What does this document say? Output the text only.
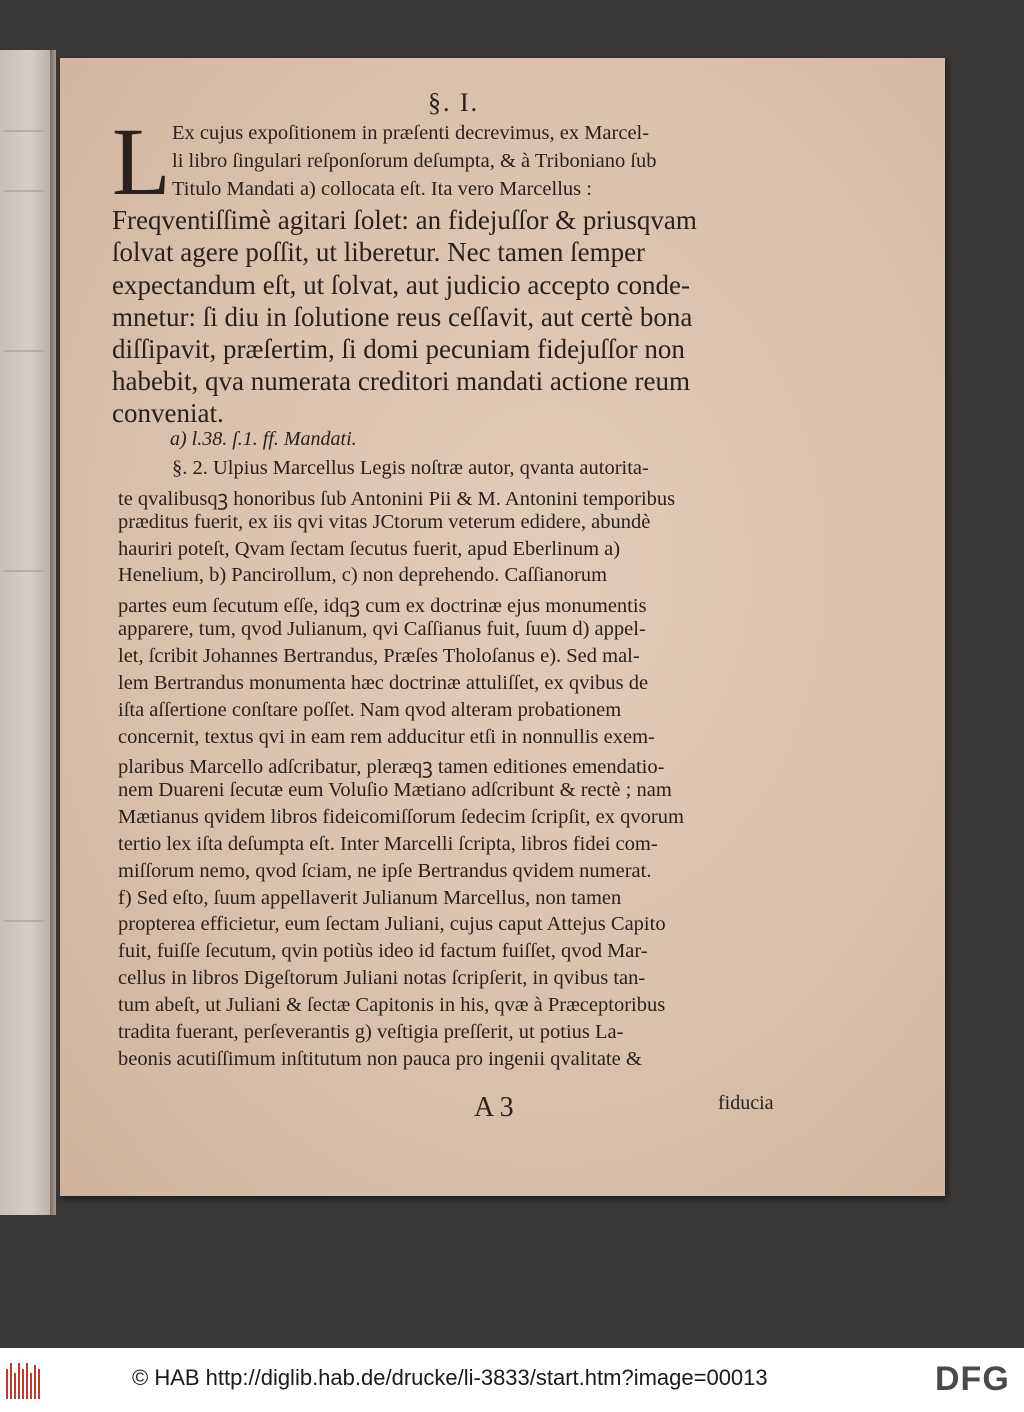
§. I.
L Ex cujus expoſitionem in præſenti decrevimus, ex Marcel-
li libro ſingulari reſponſorum deſumpta, & à Triboniano ſub
Titulo Mandati a) collocata eſt. Ita vero Marcellus :
Freqventiſſimè agitari ſolet: an fidejuſſor & priusqvam
ſolvat agere poſſit, ut liberetur. Nec tamen ſemper
expectandum eſt, ut ſolvat, aut judicio accepto conde-
mnetur: ſi diu in ſolutione reus ceſſavit, aut certè bona
diſſipavit, præſertim, ſi domi pecuniam fidejuſſor non
habebit, qva numerata creditori mandati actione reum
conveniat.
a) l.38. ſ.1. ff. Mandati.
§. 2. Ulpius Marcellus Legis noſtræ autor, qvanta autorita-
te qvalibusqꝫ honoribus ſub Antonini Pii & M. Antonini temporibus
præditus fuerit, ex iis qvi vitas JCtorum veterum edidere, abundè
hauriri poteſt, Qvam ſectam ſecutus fuerit, apud Eberlinum a)
Henelium, b) Pancirollum, c) non deprehendo. Caſſianorum
partes eum ſecutum eſſe, idqꝫ cum ex doctrinæ ejus monumentis
apparere, tum, qvod Julianum, qvi Caſſianus fuit, ſuum d) appel-
let, ſcribit Johannes Bertrandus, Præſes Tholoſanus e). Sed mal-
lem Bertrandus monumenta hæc doctrinæ attuliſſet, ex qvibus de
iſta aſſertione conſtare poſſet. Nam qvod alteram probationem
concernit, textus qvi in eam rem adducitur etſi in nonnullis exem-
plaribus Marcello adſcribatur, pleræqꝫ tamen editiones emendatio-
nem Duareni ſecutæ eum Voluſio Mætiano adſcribunt & rectè ; nam
Mætianus qvidem libros fideicomiſſorum ſedecim ſcripſit, ex qvorum
tertio lex iſta deſumpta eſt. Inter Marcelli ſcripta, libros fidei com-
miſſorum nemo, qvod ſciam, ne ipſe Bertrandus qvidem numerat.
f) Sed eſto, ſuum appellaverit Julianum Marcellus, non tamen
propterea efficietur, eum ſectam Juliani, cujus caput Attejus Capito
fuit, fuiſſe ſecutum, qvin potiùs ideo id factum fuiſſet, qvod Mar-
cellus in libros Digeſtorum Juliani notas ſcripſerit, in qvibus tan-
tum abeſt, ut Juliani & ſectæ Capitonis in his, qvæ à Præceptoribus
tradita fuerant, perſeverantis g) veſtigia preſſerit, ut potius La-
beonis acutiſſimum inſtitutum non pauca pro ingenii qvalitate &
A 3	fiducia
© HAB http://diglib.hab.de/drucke/li-3833/start.htm?image=00013	DFG
